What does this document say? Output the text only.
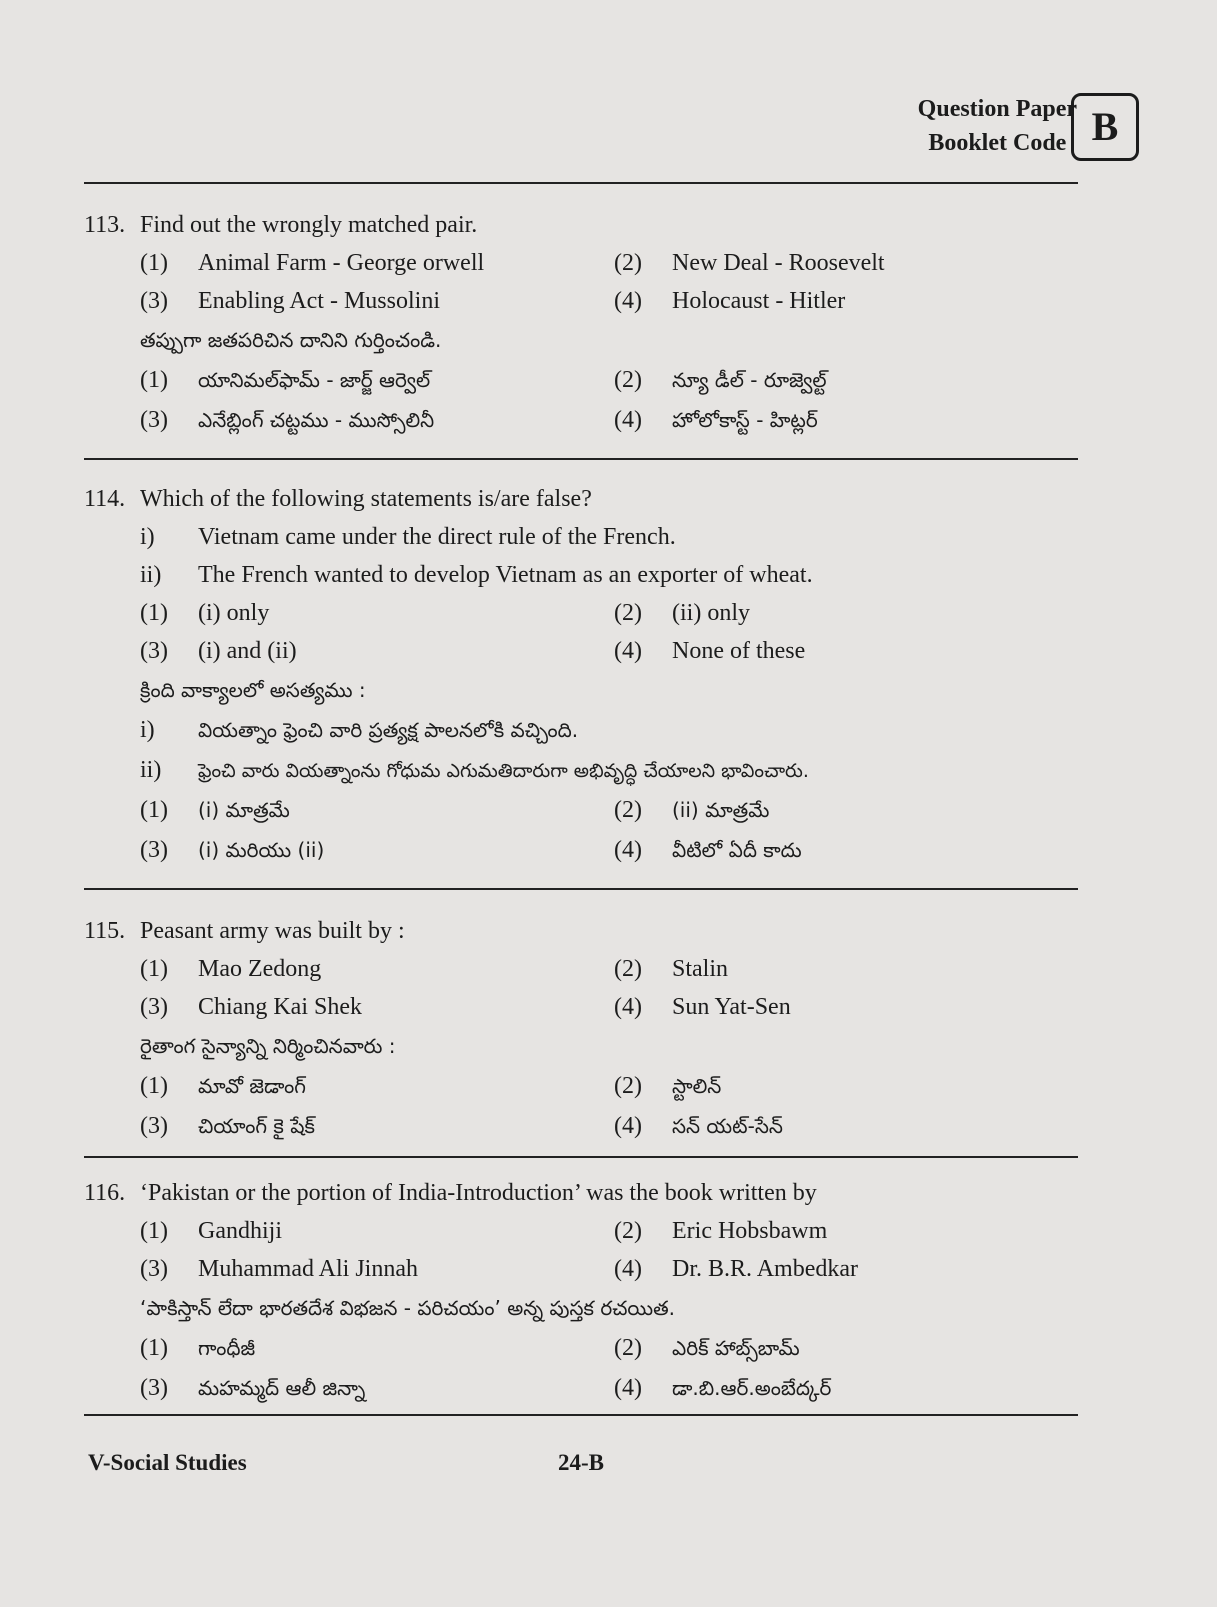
Question Paper
Booklet Code B
113. Find out the wrongly matched pair.
(1) Animal Farm - George orwell	(2) New Deal - Roosevelt
(3) Enabling Act - Mussolini	(4) Holocaust - Hitler
తప్పుగా జతపరిచిన దానిని గుర్తించండి.
(1) యానిమల్‌ఫామ్ - జార్జ్ ఆర్వెల్	(2) న్యూ డీల్ - రూజ్వెల్ట్
(3) ఎనేబ్లింగ్ చట్టము - ముస్సోలినీ	(4) హోలోకాస్ట్ - హిట్లర్
114. Which of the following statements is/are false?
i) Vietnam came under the direct rule of the French.
ii) The French wanted to develop Vietnam as an exporter of wheat.
(1) (i) only	(2) (ii) only
(3) (i) and (ii)	(4) None of these
క్రింది వాక్యాలలో అసత్యము :
i) వియత్నాం ఫ్రెంచి వారి ప్రత్యక్ష పాలనలోకి వచ్చింది.
ii) ఫ్రెంచి వారు వియత్నాంను గోధుమ ఎగుమతిదారుగా అభివృద్ధి చేయాలని భావించారు.
(1) (i) మాత్రమే	(2) (ii) మాత్రమే
(3) (i) మరియు (ii)	(4) వీటిలో ఏదీ కాదు
115. Peasant army was built by :
(1) Mao Zedong	(2) Stalin
(3) Chiang Kai Shek	(4) Sun Yat-Sen
రైతాంగ సైన్యాన్ని నిర్మించినవారు :
(1) మావో జెడాంగ్	(2) స్టాలిన్
(3) చియాంగ్ కై షేక్	(4) సన్ యట్-సేన్
116. ‘Pakistan or the portion of India-Introduction’ was the book written by
(1) Gandhiji	(2) Eric Hobsbawm
(3) Muhammad Ali Jinnah	(4) Dr. B.R. Ambedkar
‘పాకిస్తాన్ లేదా భారతదేశ విభజన - పరిచయం’ అన్న పుస్తక రచయిత.
(1) గాంధీజీ	(2) ఎరిక్ హాబ్స్‌బామ్
(3) మహమ్మద్ ఆలీ జిన్నా	(4) డా.బి.ఆర్.అంబేద్కర్
V-Social Studies	24-B
